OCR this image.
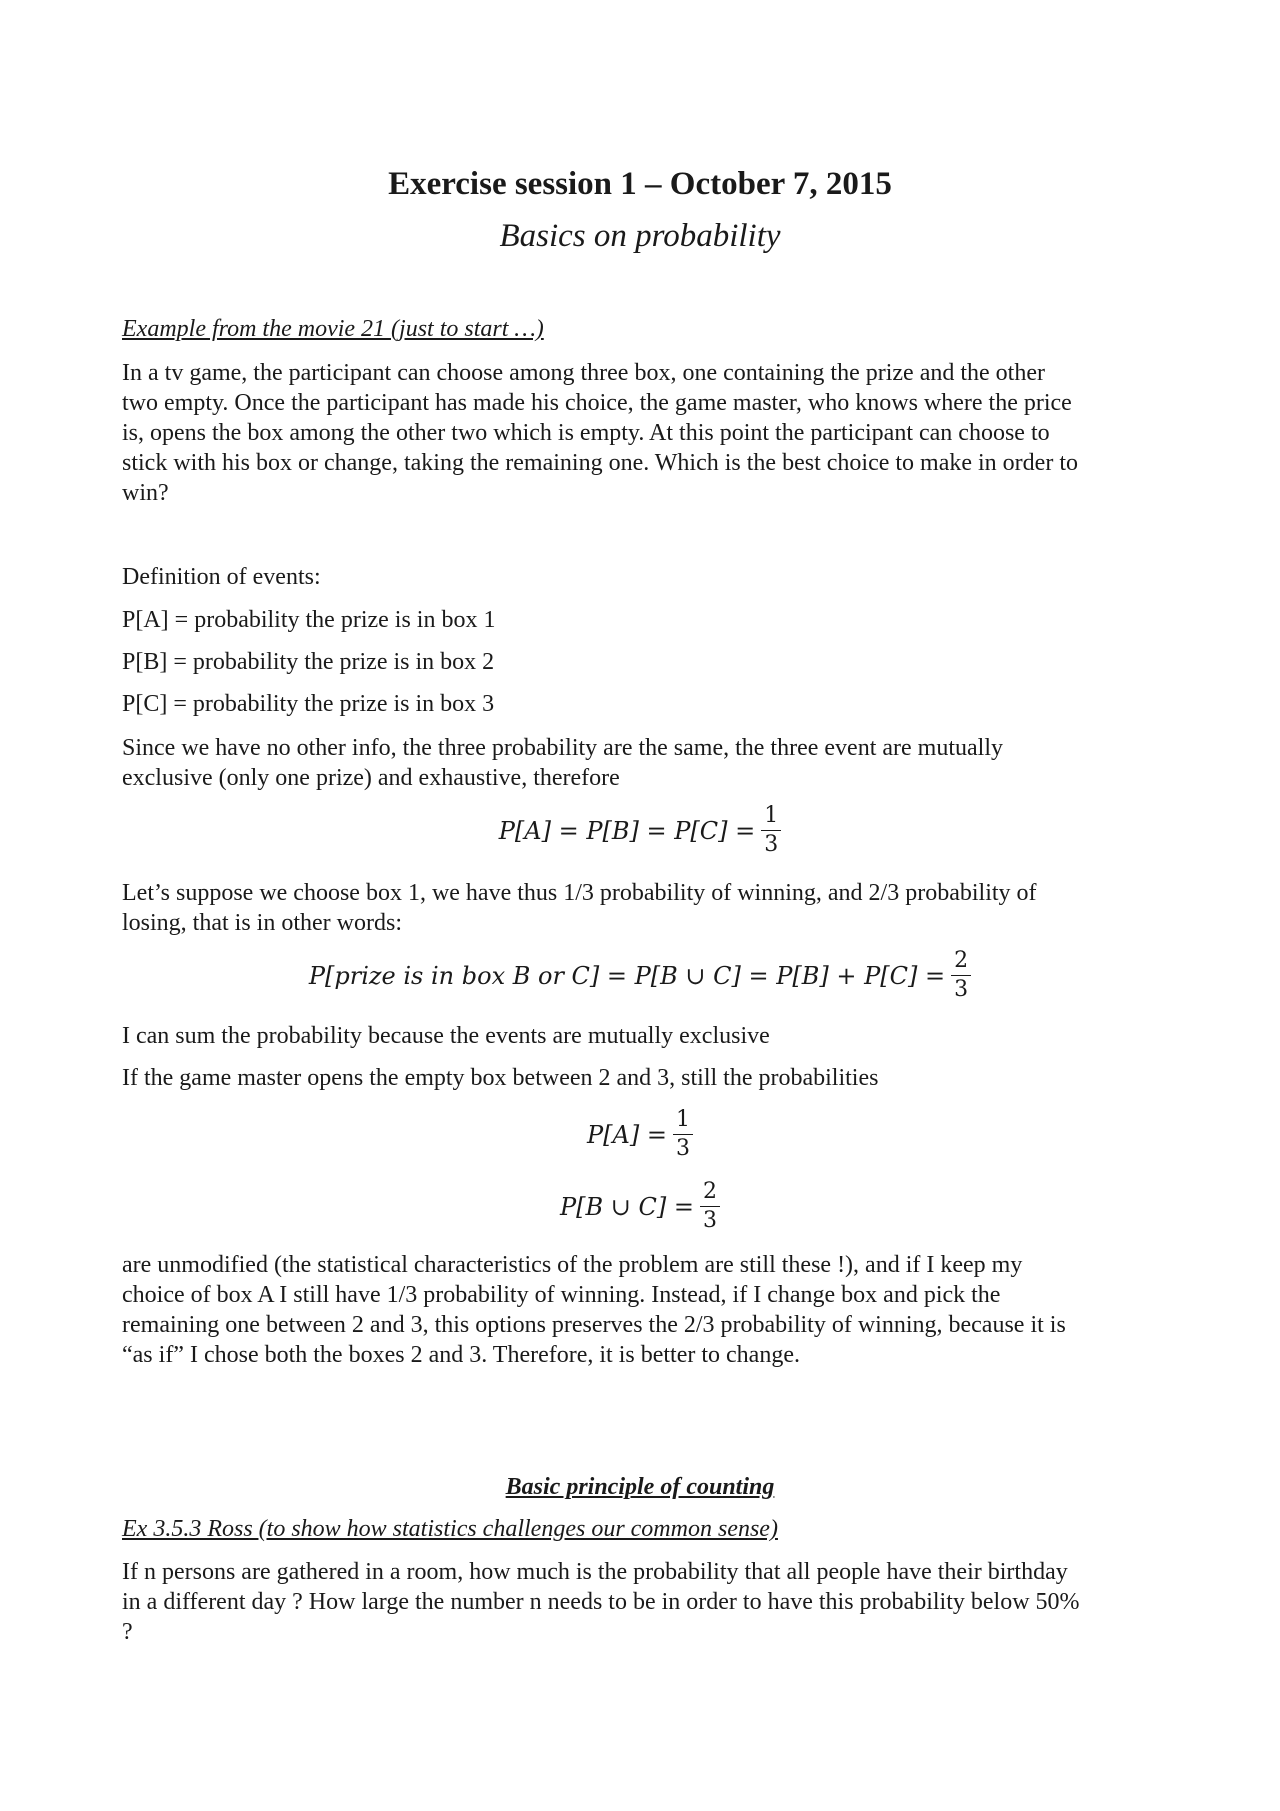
Exercise session 1 – October 7, 2015
Basics on probability
Example from the movie 21 (just to start …)
In a tv game, the participant can choose among three box, one containing the prize and the other
two empty. Once the participant has made his choice, the game master, who knows where the price
is, opens the box among the other two which is empty. At this point the participant can choose to
stick with his box or change, taking the remaining one. Which is the best choice to make in order to
win?
Definition of events:
P[A] = probability the prize is in box 1
P[B] = probability the prize is in box 2
P[C] = probability the prize is in box 3
Since we have no other info, the three probability are the same, the three event are mutually
exclusive (only one prize) and exhaustive, therefore
$P[A] = P[B] = P[C] = \frac{1}{3}$
Let’s suppose we choose box 1, we have thus 1/3 probability of winning, and 2/3 probability of
losing, that is in other words:
P[prize is in box B or C] = P[B ∪ $C] = P[B] + P[C] = \frac{2}{3}$
I can sum the probability because the events are mutually exclusive
If the game master opens the empty box between 2 and 3, still the probabilities
$P[A] = \frac{1}{3}$
P[B ∪ $C] = \frac{2}{3}$
are unmodified (the statistical characteristics of the problem are still these !), and if I keep my
choice of box A I still have 1/3 probability of winning. Instead, if I change box and pick the
remaining one between 2 and 3, this options preserves the 2/3 probability of winning, because it is
“as if” I chose both the boxes 2 and 3. Therefore, it is better to change.
Basic principle of counting
Ex 3.5.3 Ross (to show how statistics challenges our common sense)
If n persons are gathered in a room, how much is the probability that all people have their birthday
in a different day ? How large the number n needs to be in order to have this probability below 50%
?
